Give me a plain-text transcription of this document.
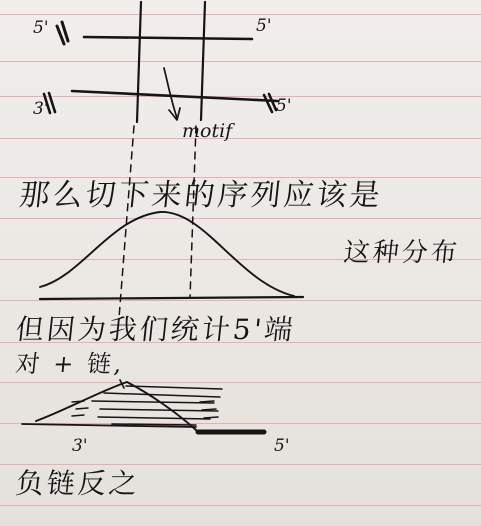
5'	5'
3'	5'
motif
那么切下来的序列应该是
这种分布
但因为我们统计5'端
对 + 链,
3'	5'
负链反之
